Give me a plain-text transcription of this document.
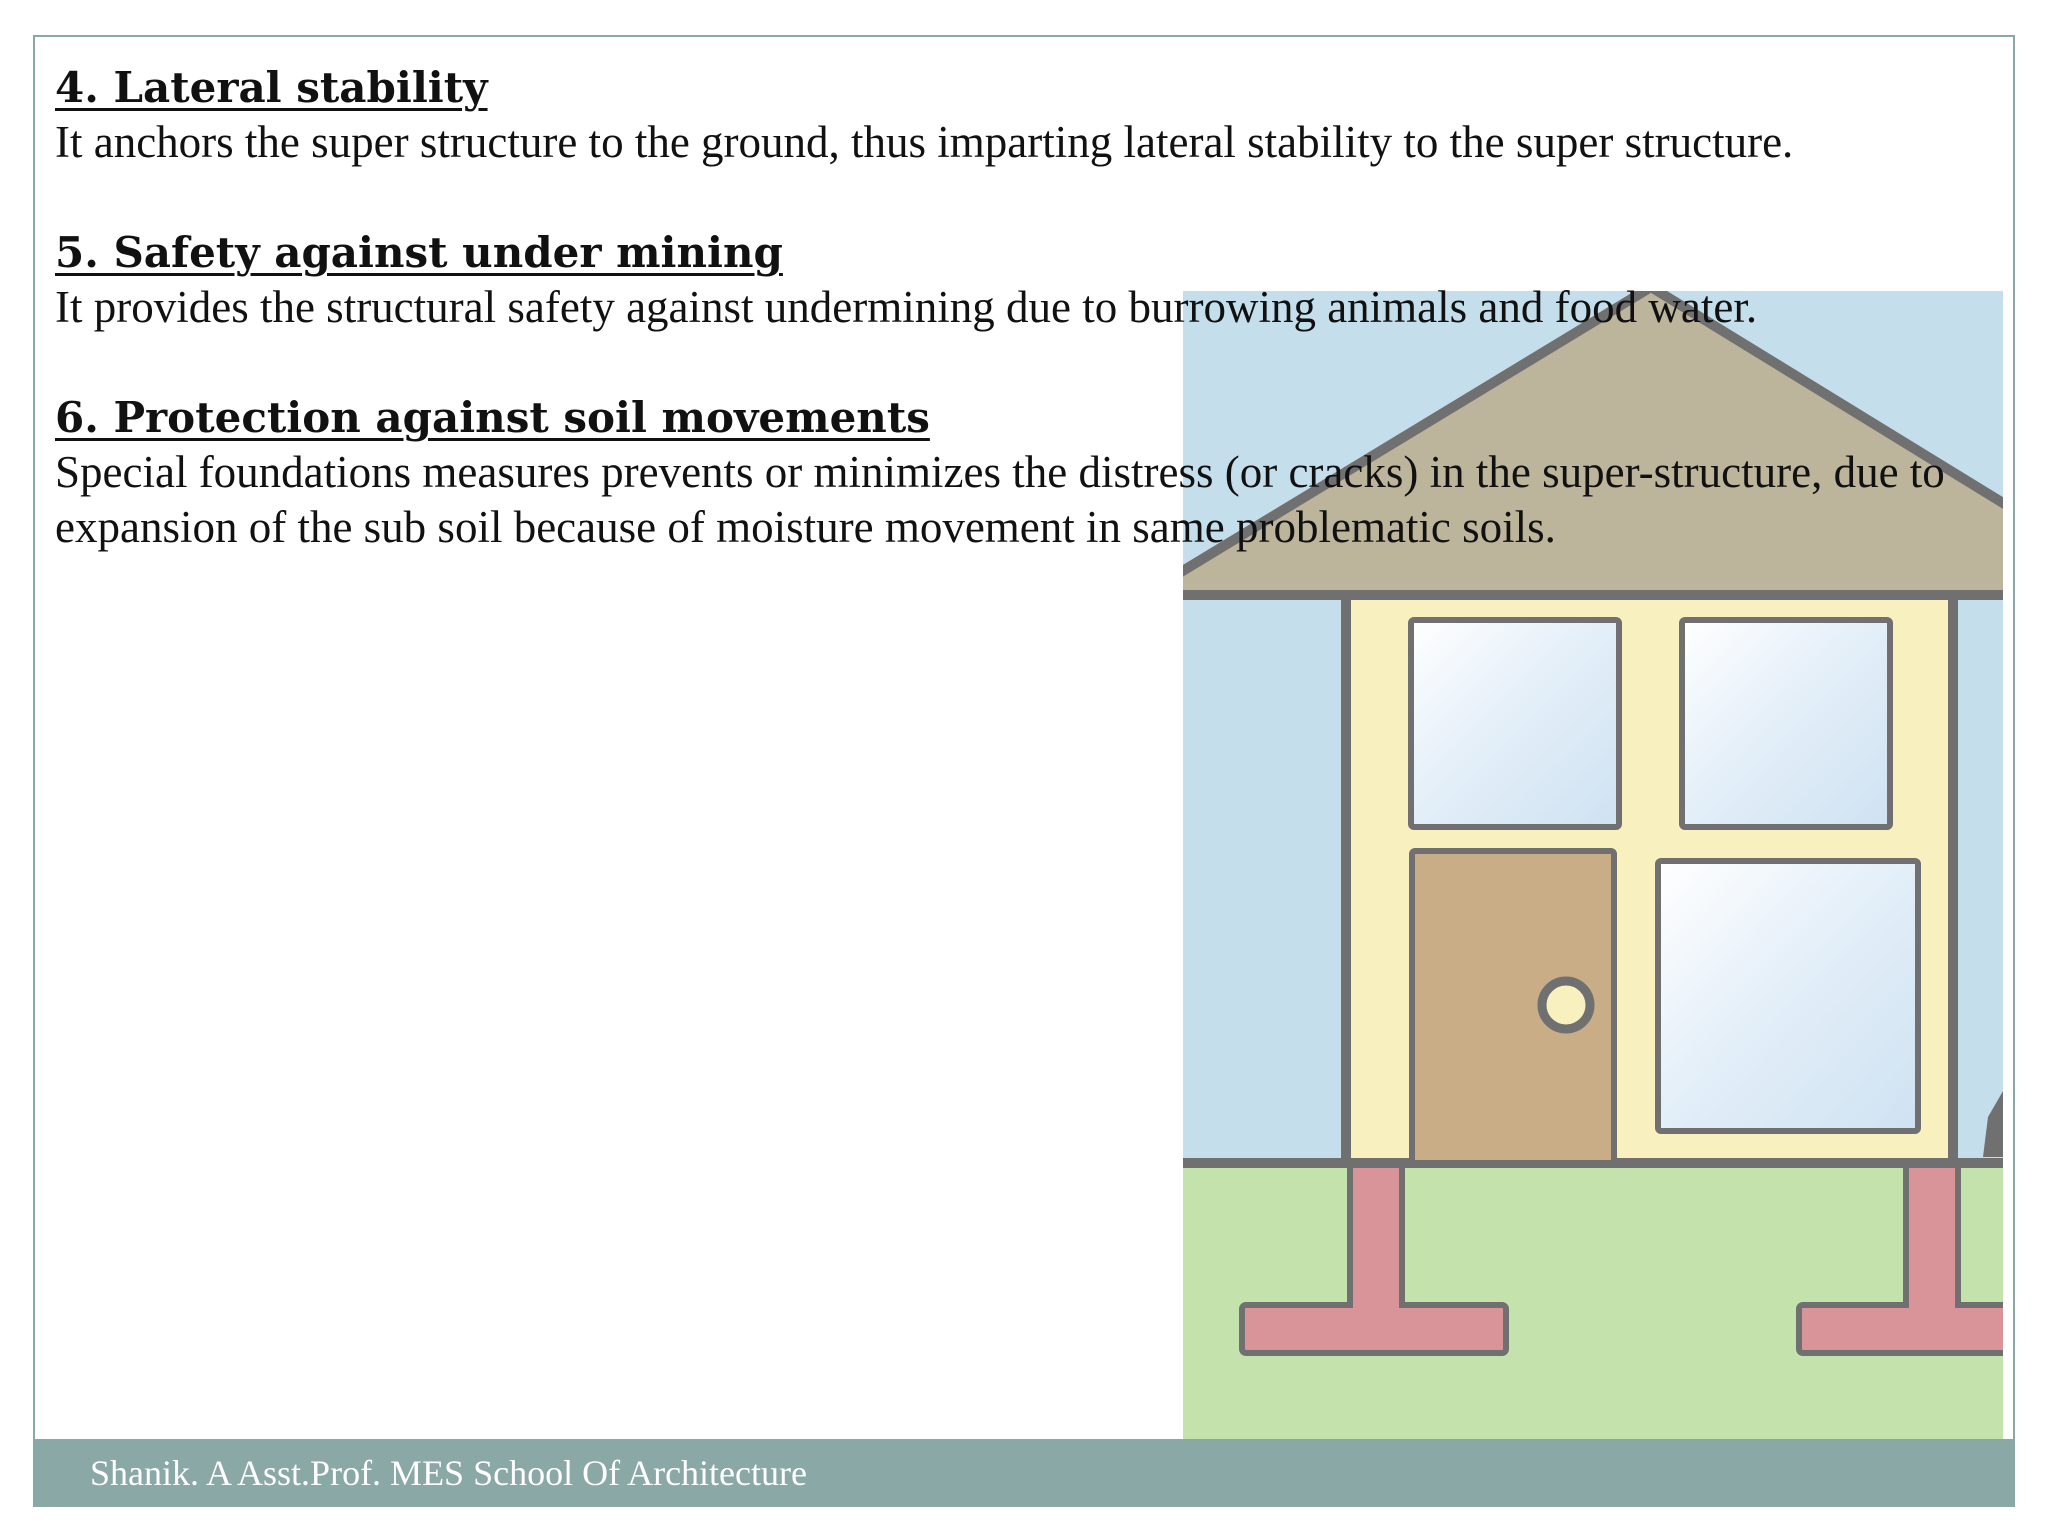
4. Lateral stability
It anchors the super structure to the ground, thus imparting lateral stability to the super structure.
5. Safety against under mining
It provides the structural safety against undermining due to burrowing animals and food water.
6. Protection against soil movements
Special foundations measures prevents or minimizes the distress (or cracks) in the super-structure, due to expansion of the sub soil because of moisture movement in same problematic soils.
Shanik. A Asst.Prof. MES School Of Architecture
